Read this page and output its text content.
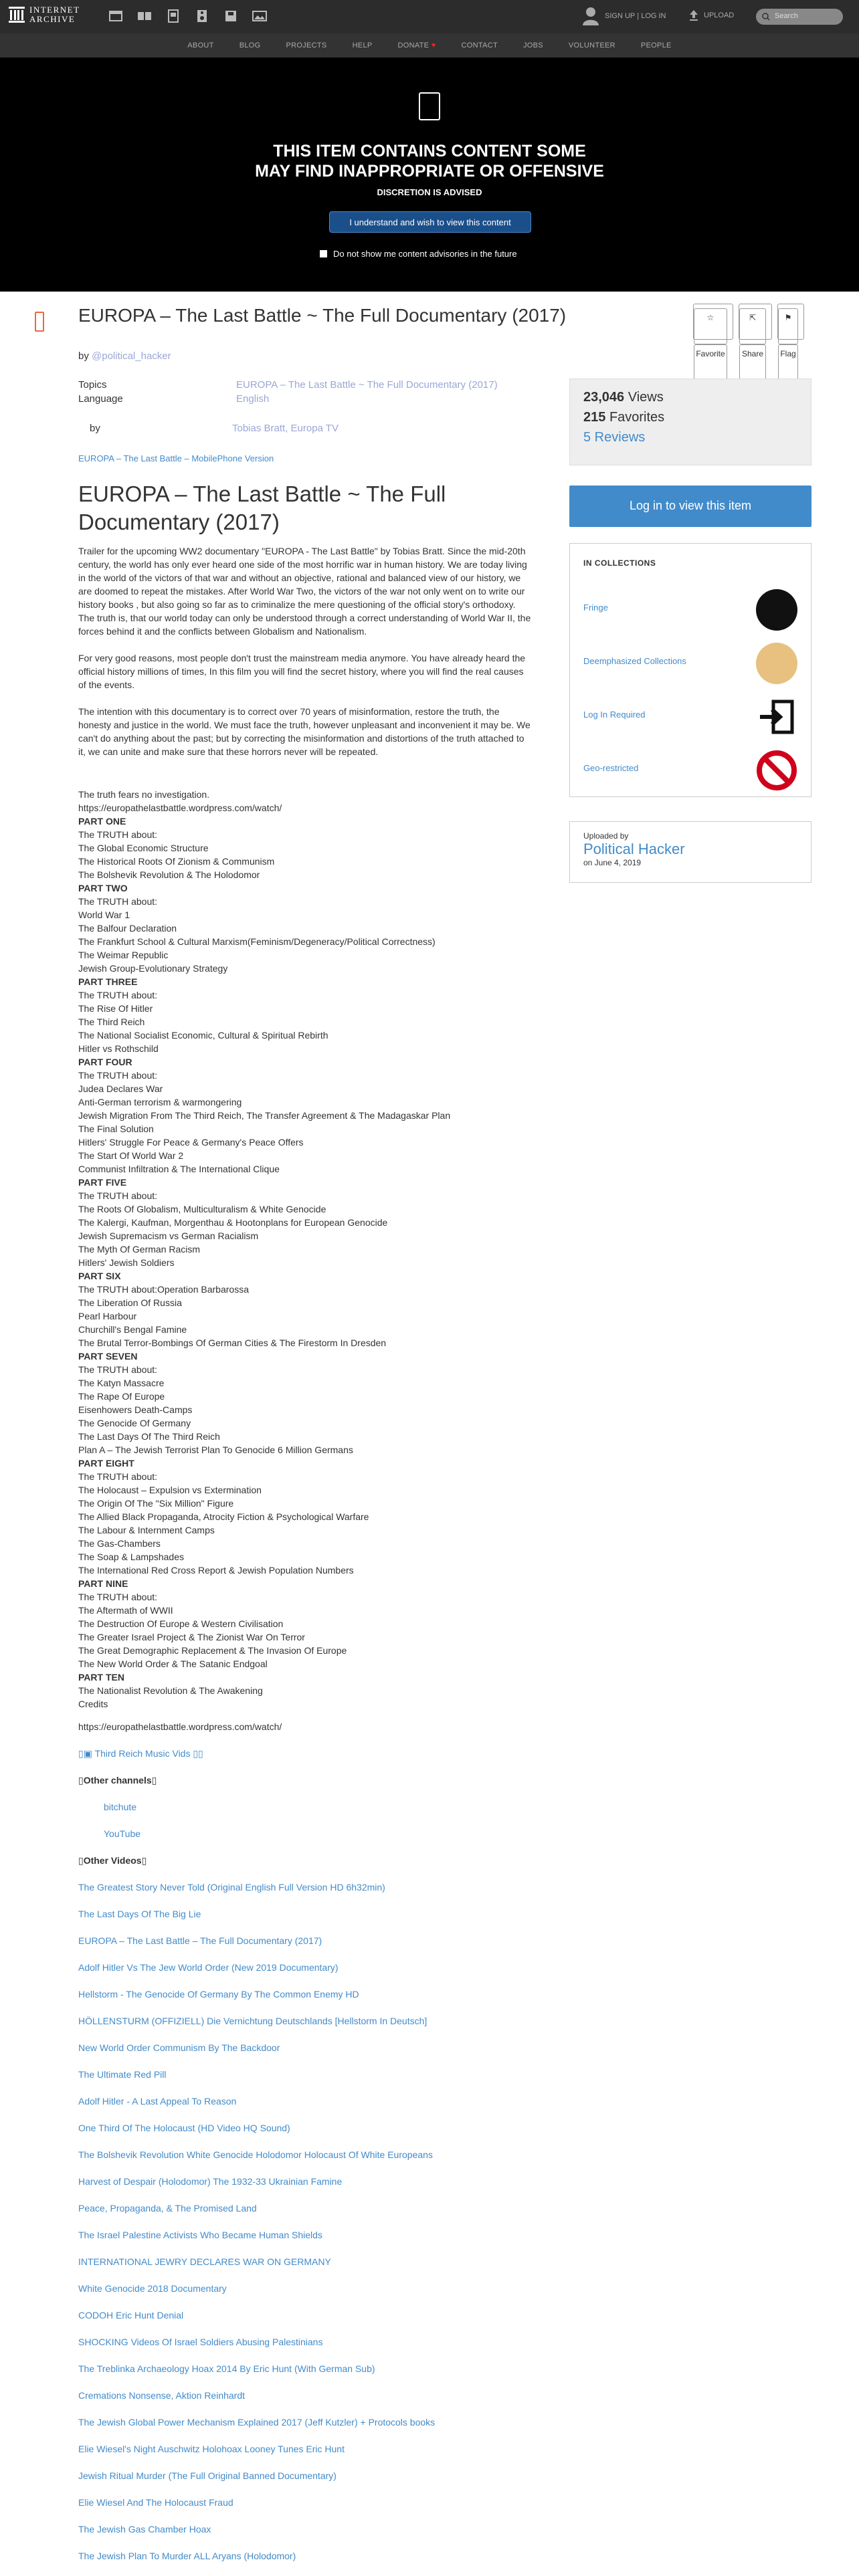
INTERNET
ARCHIVE	SIGN UP | LOG IN	UPLOAD	Search
ABOUT	BLOG	PROJECTS	HELP	DONATE ♥	CONTACT	JOBS	VOLUNTEER	PEOPLE
THIS ITEM CONTAINS CONTENT SOME
MAY FIND INAPPROPRIATE OR OFFENSIVE
DISCRETION IS ADVISED
I understand and wish to view this content
Do not show me content advisories in the future
EUROPA – The Last Battle ~ The Full Documentary (2017)
by @political_hacker
☆
Favorite
⇱
Share
⚑
Flag
Topics	EUROPA – The Last Battle ~ The Full Documentary (2017)
Language	English
by	Tobias Bratt, Europa TV
EUROPA – The Last Battle – MobilePhone Version
EUROPA – The Last Battle ~ The Full Documentary (2017)

Trailer for the upcoming WW2 documentary "EUROPA - The Last Battle" by Tobias Bratt. Since the mid-20th century, the world has only ever heard one side of the most horrific war in human history. We are today living in the world of the victors of that war and without an objective, rational and balanced view of our history, we are doomed to repeat the mistakes. After World War Two, the victors of the war not only went on to write our history books , but also going so far as to criminalize the mere questioning of the official story's orthodoxy. The truth is, that our world today can only be understood through a correct understanding of World War II, the forces behind it and the conflicts between Globalism and Nationalism.

For very good reasons, most people don't trust the mainstream media anymore. You have already heard the official history millions of times, In this film you will find the secret history, where you will find the real causes of the events.

The intention with this documentary is to correct over 70 years of misinformation, restore the truth, the honesty and justice in the world. We must face the truth, however unpleasant and inconvenient it may be. We can't do anything about the past; but by correcting the misinformation and distortions of the truth attached to it, we can unite and make sure that these horrors never will be repeated.

The truth fears no investigation.
https://europathelastbattle.wordpress.com/watch/
PART ONE
The TRUTH about:
The Global Economic Structure
The Historical Roots Of Zionism & Communism
The Bolshevik Revolution & The Holodomor
PART TWO
The TRUTH about:
World War 1
The Balfour Declaration
The Frankfurt School & Cultural Marxism(Feminism/Degeneracy/Political Correctness)
The Weimar Republic
Jewish Group-Evolutionary Strategy
PART THREE
The TRUTH about:
The Rise Of Hitler
The Third Reich
The National Socialist Economic, Cultural & Spiritual Rebirth
Hitler vs Rothschild
PART FOUR
The TRUTH about:
Judea Declares War
Anti-German terrorism & warmongering
Jewish Migration From The Third Reich, The Transfer Agreement & The Madagaskar Plan
The Final Solution
Hitlers' Struggle For Peace & Germany's Peace Offers
The Start Of World War 2
Communist Infiltration & The International Clique
PART FIVE
The TRUTH about:
The Roots Of Globalism, Multiculturalism & White Genocide
The Kalergi, Kaufman, Morgenthau & Hootonplans for European Genocide
Jewish Supremacism vs German Racialism
The Myth Of German Racism
Hitlers' Jewish Soldiers
PART SIX
The TRUTH about:Operation Barbarossa
The Liberation Of Russia
Pearl Harbour
Churchill's Bengal Famine
The Brutal Terror-Bombings Of German Cities & The Firestorm In Dresden
PART SEVEN
The TRUTH about:
The Katyn Massacre
The Rape Of Europe
Eisenhowers Death-Camps
The Genocide Of Germany
The Last Days Of The Third Reich
Plan A – The Jewish Terrorist Plan To Genocide 6 Million Germans
PART EIGHT
The TRUTH about:
The Holocaust – Expulsion vs Extermination
The Origin Of The "Six Million" Figure
The Allied Black Propaganda, Atrocity Fiction & Psychological Warfare
The Labour & Internment Camps
The Gas-Chambers
The Soap & Lampshades
The International Red Cross Report & Jewish Population Numbers
PART NINE
The TRUTH about:
The Aftermath of WWII
The Destruction Of Europe & Western Civilisation
The Greater Israel Project & The Zionist War On Terror
The Great Demographic Replacement & The Invasion Of Europe
The New World Order & The Satanic Endgoal
PART TEN
The Nationalist Revolution & The Awakening
Credits
https://europathelastbattle.wordpress.com/watch/
▯▣ Third Reich Music Vids ▯▯
▯Other channels▯
bitchute
YouTube
▯Other Videos▯
The Greatest Story Never Told (Original English Full Version HD 6h32min)
The Last Days Of The Big Lie
EUROPA – The Last Battle – The Full Documentary (2017)
Adolf Hitler Vs The Jew World Order (New 2019 Documentary)
Hellstorm - The Genocide Of Germany By The Common Enemy HD
HÖLLENSTURM (OFFIZIELL) Die Vernichtung Deutschlands [Hellstorm In Deutsch]
New World Order Communism By The Backdoor
The Ultimate Red Pill
Adolf Hitler - A Last Appeal To Reason
One Third Of The Holocaust (HD Video HQ Sound)
The Bolshevik Revolution White Genocide Holodomor Holocaust Of White Europeans
Harvest of Despair (Holodomor) The 1932-33 Ukrainian Famine
Peace, Propaganda, & The Promised Land
The Israel Palestine Activists Who Became Human Shields
INTERNATIONAL JEWRY DECLARES WAR ON GERMANY
White Genocide 2018 Documentary
CODOH Eric Hunt Denial
SHOCKING Videos Of Israel Soldiers Abusing Palestinians
The Treblinka Archaeology Hoax 2014 By Eric Hunt (With German Sub)
Cremations Nonsense, Aktion Reinhardt
The Jewish Global Power Mechanism Explained 2017 (Jeff Kutzler) + Protocols books
Elie Wiesel's Night Auschwitz Holohoax Looney Tunes Eric Hunt
Jewish Ritual Murder (The Full Original Banned Documentary)
Elie Wiesel And The Holocaust Fraud
The Jewish Gas Chamber Hoax
The Jewish Plan To Murder ALL Aryans (Holodomor)
23,046 Views
215 Favorites
5 Reviews
Log in to view this item
IN COLLECTIONS
Fringe
Deemphasized Collections
Log In Required
Geo-restricted
Uploaded by
Political Hacker
on June 4, 2019
